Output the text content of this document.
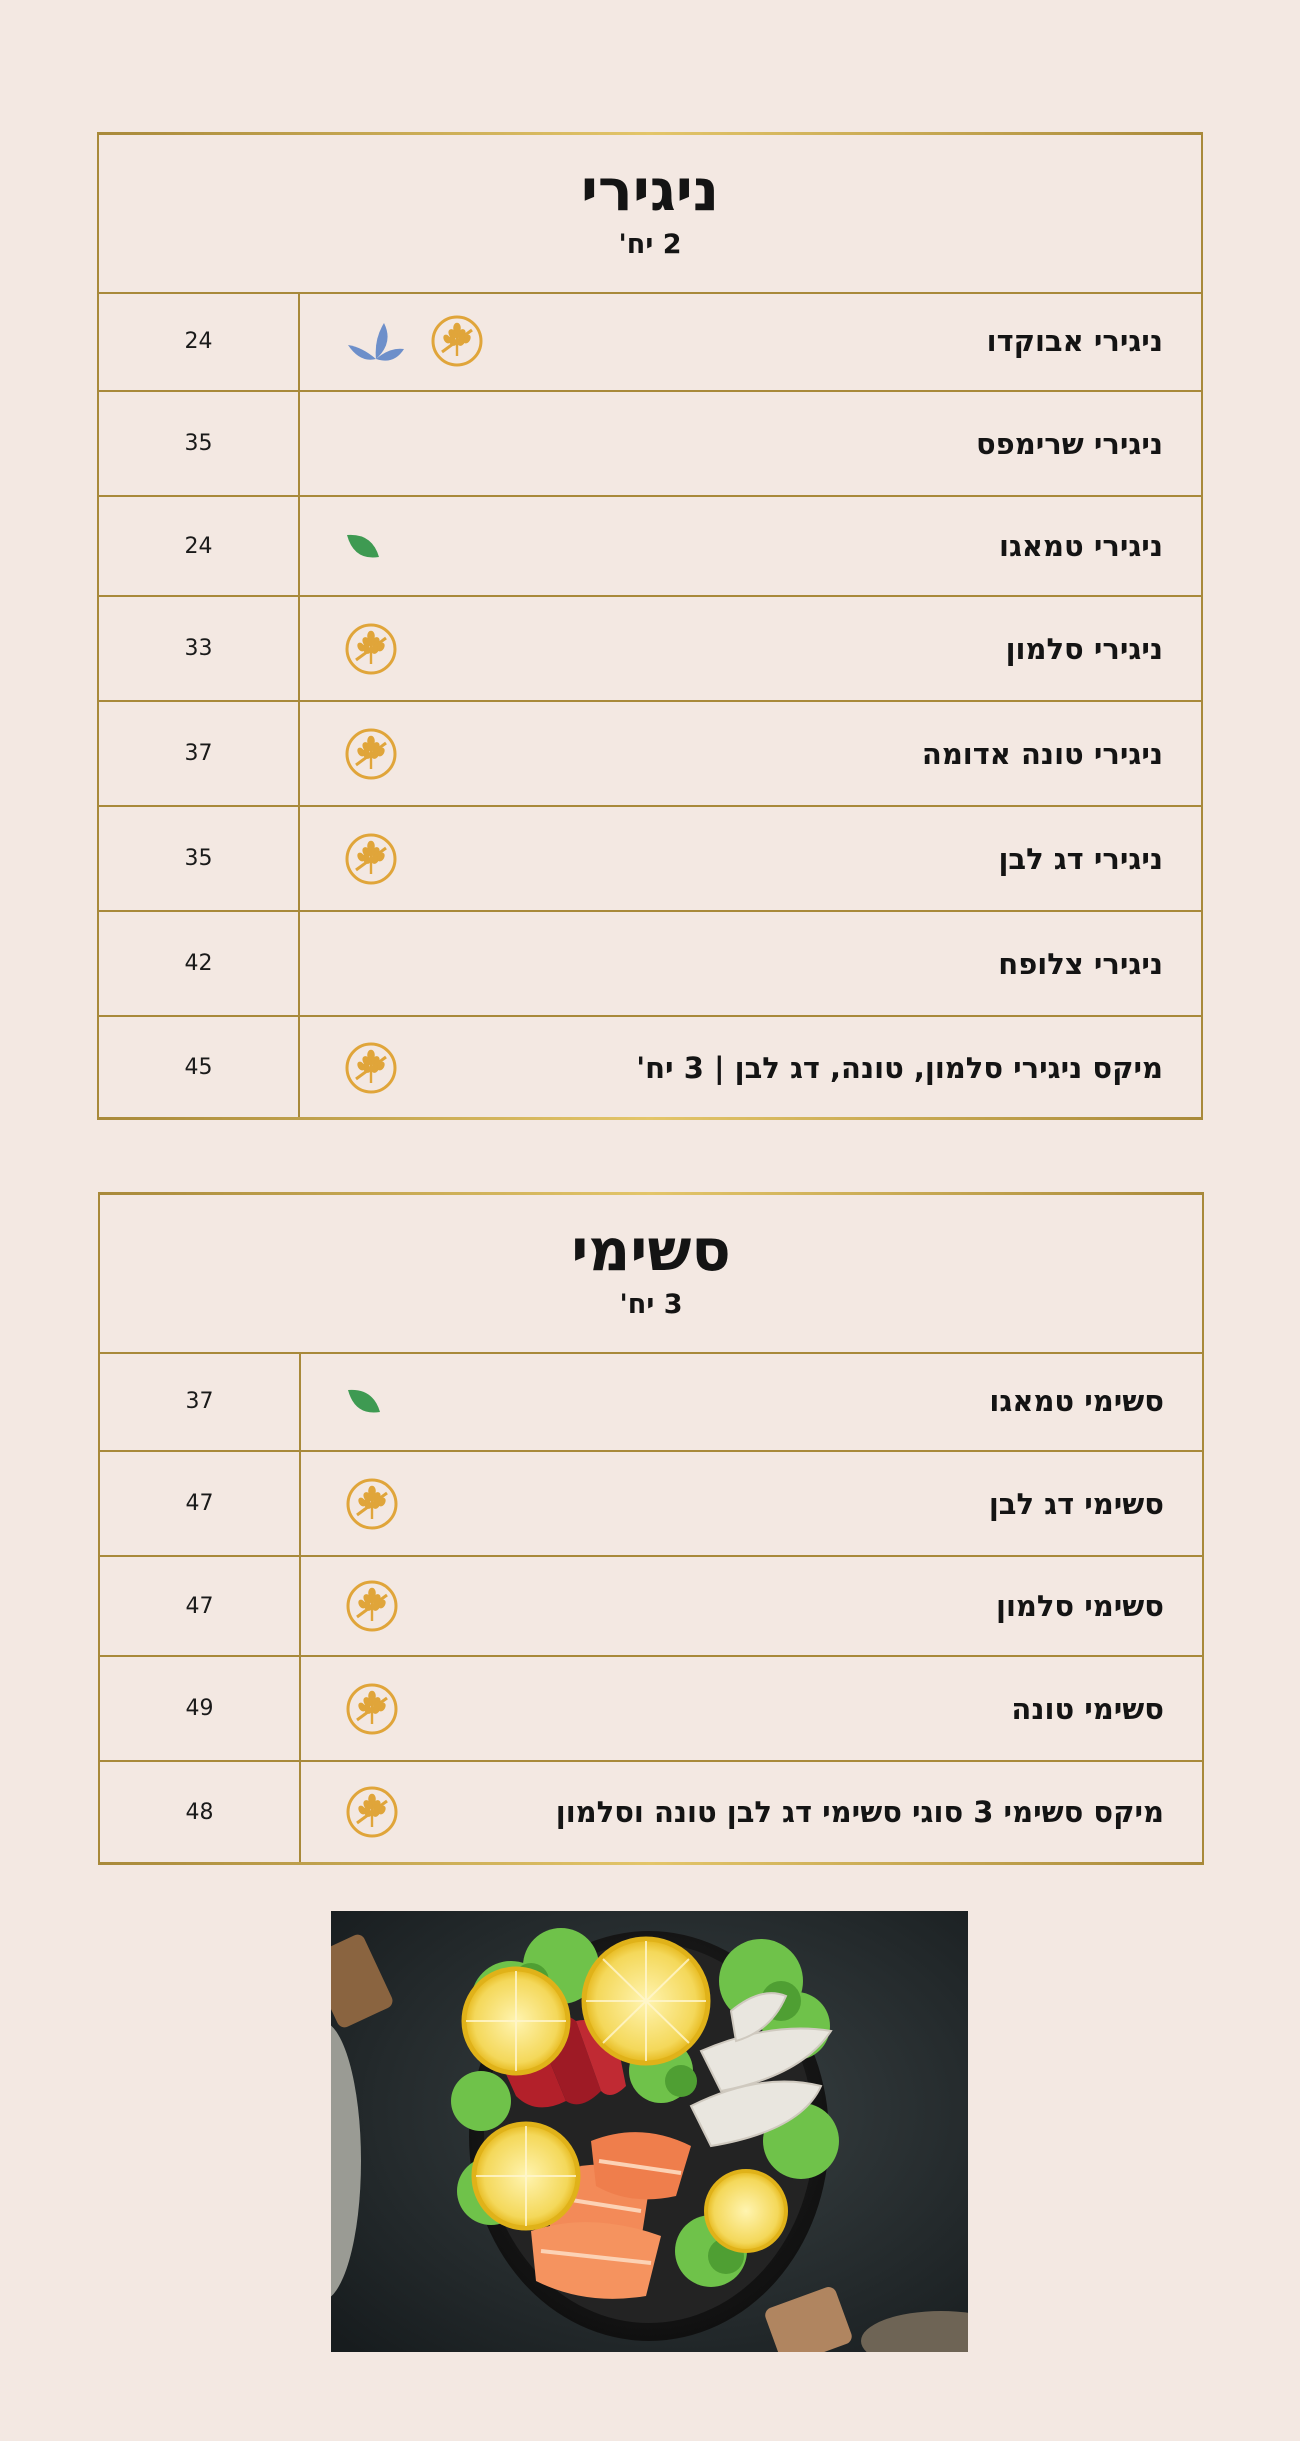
ניגירי
2 יח'
24	ניגירי אבוקדו
35	ניגירי שרימפס
24	ניגירי טמאגו
33	ניגירי סלמון
37	ניגירי טונה אדומה
35	ניגירי דג לבן
42	ניגירי צלופח
45	מיקס ניגירי סלמון, טונה, דג לבן | 3 יח'
סשימי
3 יח'
37	סשימי טמאגו
47	סשימי דג לבן
47	סשימי סלמון
49	סשימי טונה
48	מיקס סשימי 3 סוגי סשימי דג לבן טונה וסלמון
